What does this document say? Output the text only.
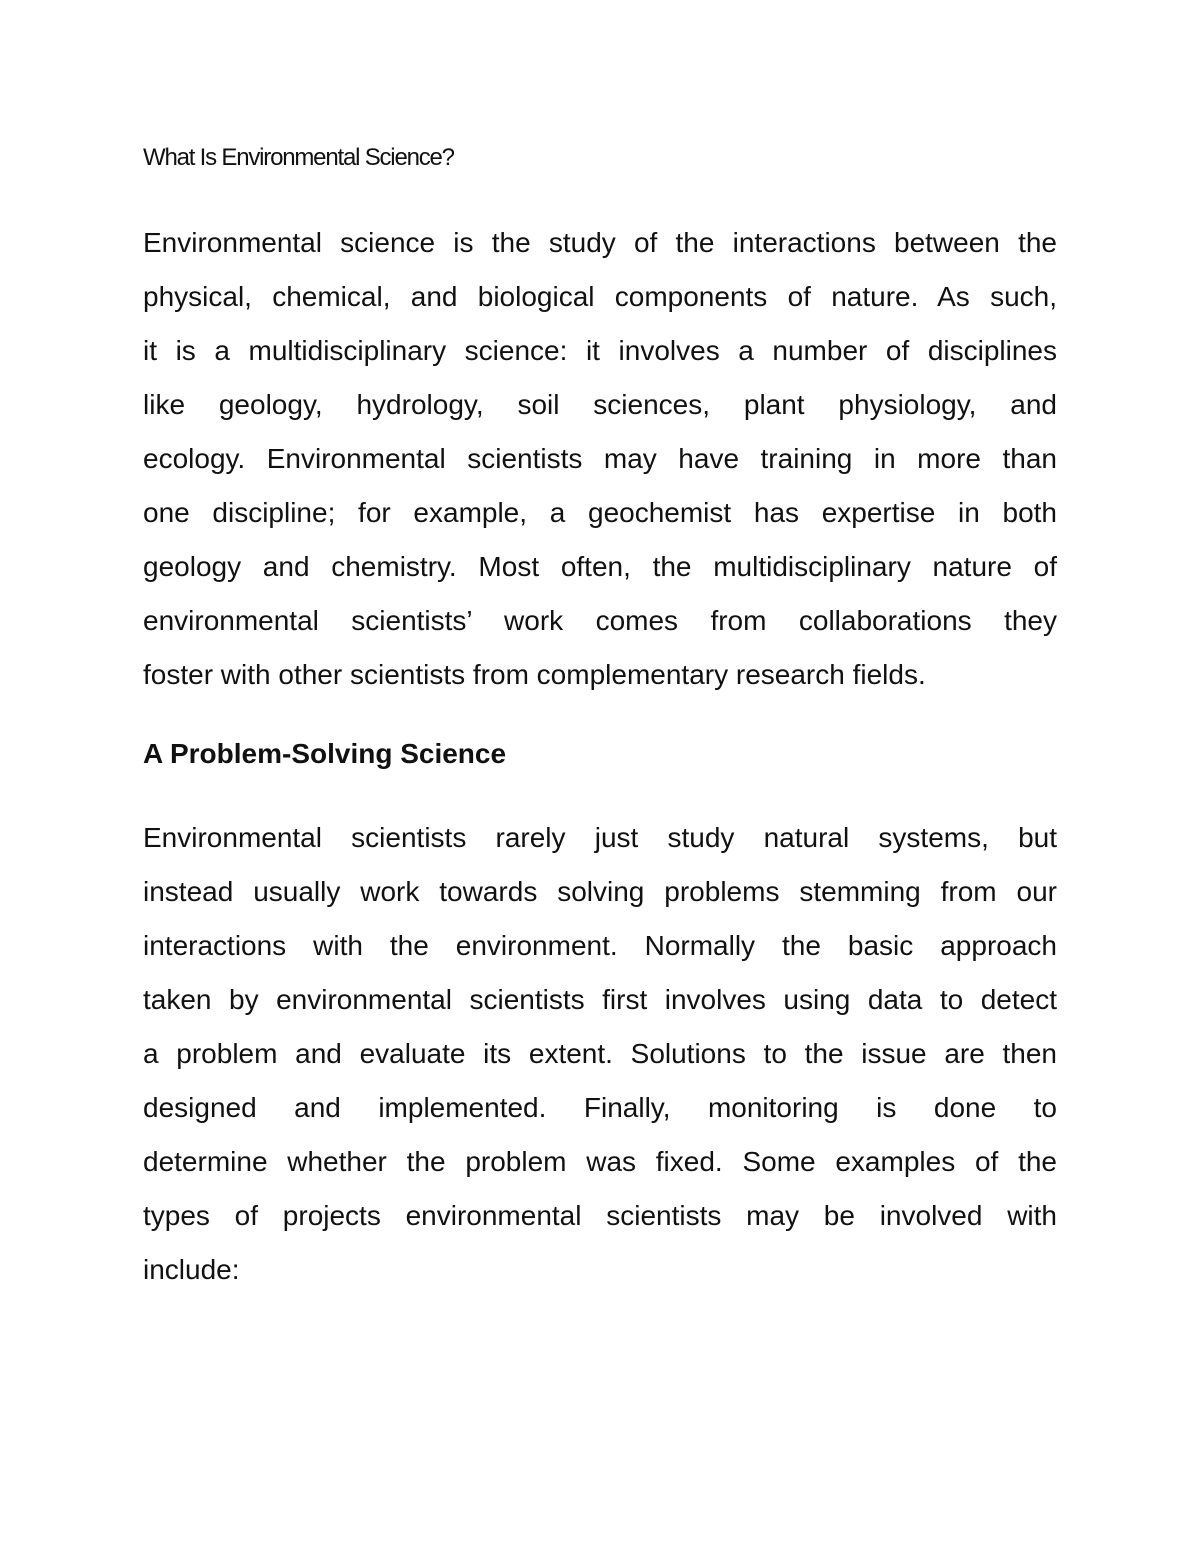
What Is Environmental Science?
Environmental science is the study of the interactions between the
physical, chemical, and biological components of nature. As such,
it is a multidisciplinary science: it involves a number of disciplines
like geology, hydrology, soil sciences, plant physiology, and
ecology. Environmental scientists may have training in more than
one discipline; for example, a geochemist has expertise in both
geology and chemistry. Most often, the multidisciplinary nature of
environmental scientists’ work comes from collaborations they
foster with other scientists from complementary research fields.
A Problem-Solving Science
Environmental scientists rarely just study natural systems, but
instead usually work towards solving problems stemming from our
interactions with the environment. Normally the basic approach
taken by environmental scientists first involves using data to detect
a problem and evaluate its extent. Solutions to the issue are then
designed and implemented. Finally, monitoring is done to
determine whether the problem was fixed. Some examples of the
types of projects environmental scientists may be involved with
include:
